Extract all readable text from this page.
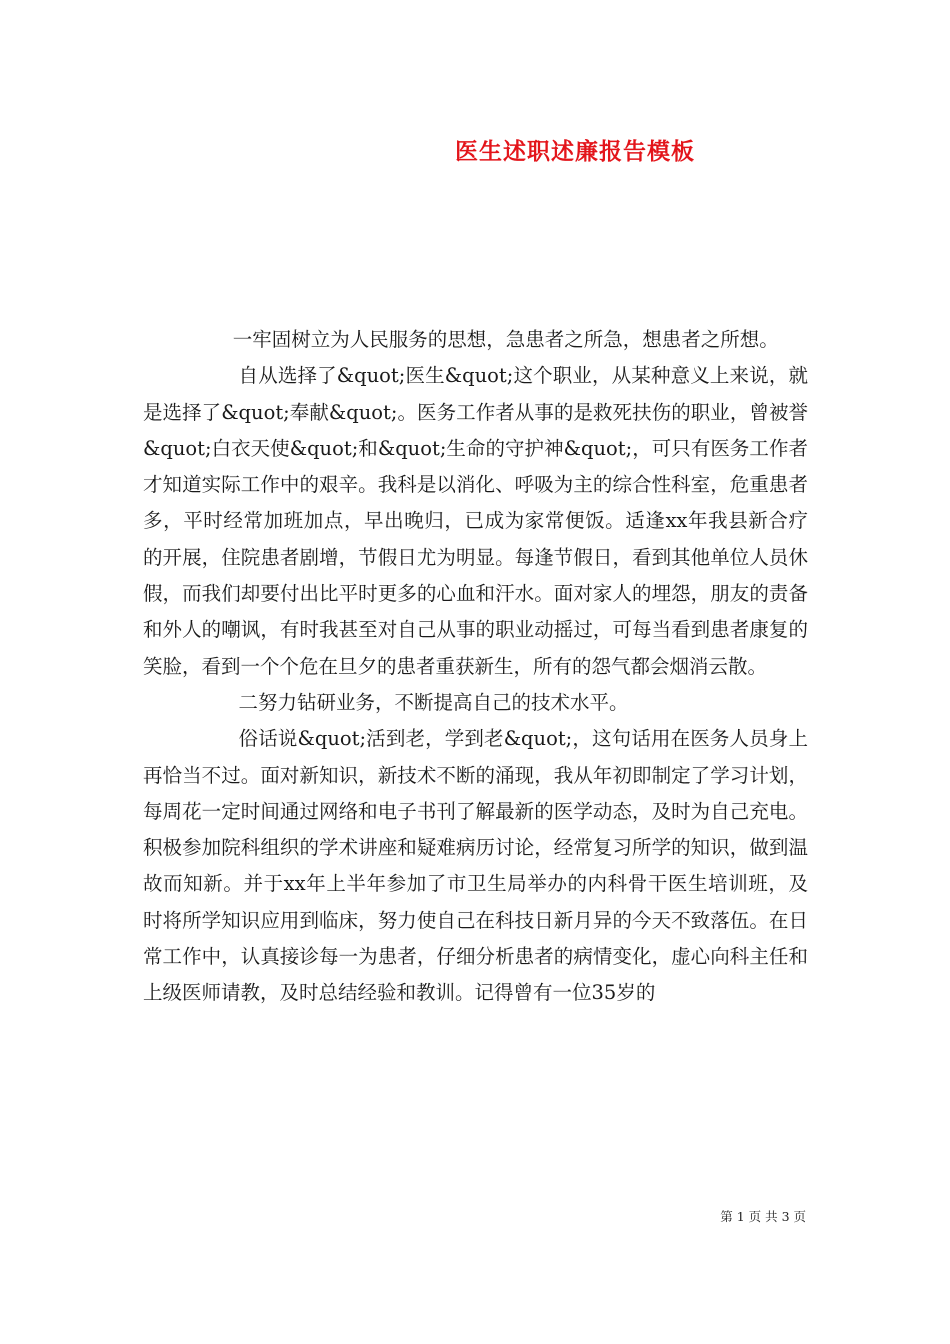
医生述职述廉报告模板

一牢固树立为人民服务的思想，急患者之所急，想患者之所想。

自从选择了&quot;医生&quot;这个职业，从某种意义上来说，就是选择了&quot;奉献&quot;。医务工作者从事的是救死扶伤的职业，曾被誉&quot;白衣天使&quot;和&quot;生命的守护神&quot;，可只有医务工作者才知道实际工作中的艰辛。我科是以消化、呼吸为主的综合性科室，危重患者多，平时经常加班加点，早出晚归，已成为家常便饭。适逢xx年我县新合疗的开展，住院患者剧增，节假日尤为明显。每逢节假日，看到其他单位人员休假，而我们却要付出比平时更多的心血和汗水。面对家人的埋怨，朋友的责备和外人的嘲讽，有时我甚至对自己从事的职业动摇过，可每当看到患者康复的笑脸，看到一个个危在旦夕的患者重获新生，所有的怨气都会烟消云散。

二努力钻研业务，不断提高自己的技术水平。

俗话说&quot;活到老，学到老&quot;，这句话用在医务人员身上再恰当不过。面对新知识，新技术不断的涌现，我从年初即制定了学习计划，每周花一定时间通过网络和电子书刊了解最新的医学动态，及时为自己充电。积极参加院科组织的学术讲座和疑难病历讨论，经常复习所学的知识，做到温故而知新。并于xx年上半年参加了市卫生局举办的内科骨干医生培训班，及时将所学知识应用到临床，努力使自己在科技日新月异的今天不致落伍。在日常工作中，认真接诊每一为患者，仔细分析患者的病情变化，虚心向科主任和上级医师请教，及时总结经验和教训。记得曾有一位35岁的

第 1 页 共 3 页
